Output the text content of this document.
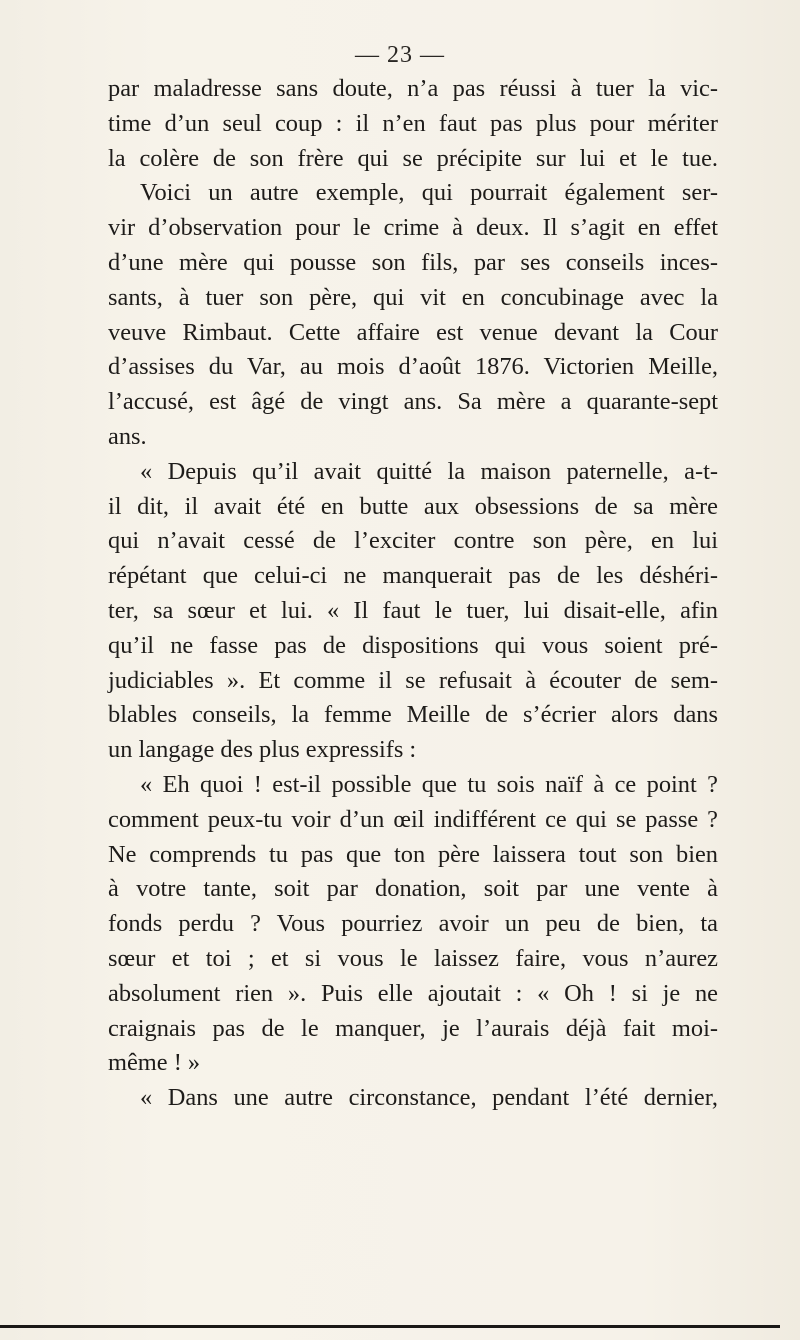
— 23 —
par maladresse sans doute, n’a pas réussi à tuer la vic-
time d’un seul coup : il n’en faut pas plus pour mériter
la colère de son frère qui se précipite sur lui et le tue.
Voici un autre exemple, qui pourrait également ser-
vir d’observation pour le crime à deux. Il s’agit en effet
d’une mère qui pousse son fils, par ses conseils inces-
sants, à tuer son père, qui vit en concubinage avec la
veuve Rimbaut. Cette affaire est venue devant la Cour
d’assises du Var, au mois d’août 1876. Victorien Meille,
l’accusé, est âgé de vingt ans. Sa mère a quarante-sept
ans.
« Depuis qu’il avait quitté la maison paternelle, a-t-
il dit, il avait été en butte aux obsessions de sa mère
qui n’avait cessé de l’exciter contre son père, en lui
répétant que celui-ci ne manquerait pas de les déshéri-
ter, sa sœur et lui. « Il faut le tuer, lui disait-elle, afin
qu’il ne fasse pas de dispositions qui vous soient pré-
judiciables ». Et comme il se refusait à écouter de sem-
blables conseils, la femme Meille de s’écrier alors dans
un langage des plus expressifs :
« Eh quoi ! est-il possible que tu sois naïf à ce point ?
comment peux-tu voir d’un œil indifférent ce qui se passe ?
Ne comprends tu pas que ton père laissera tout son bien
à votre tante, soit par donation, soit par une vente à
fonds perdu ? Vous pourriez avoir un peu de bien, ta
sœur et toi ; et si vous le laissez faire, vous n’aurez
absolument rien ». Puis elle ajoutait : « Oh ! si je ne
craignais pas de le manquer, je l’aurais déjà fait moi-
même ! »
« Dans une autre circonstance, pendant l’été dernier,
